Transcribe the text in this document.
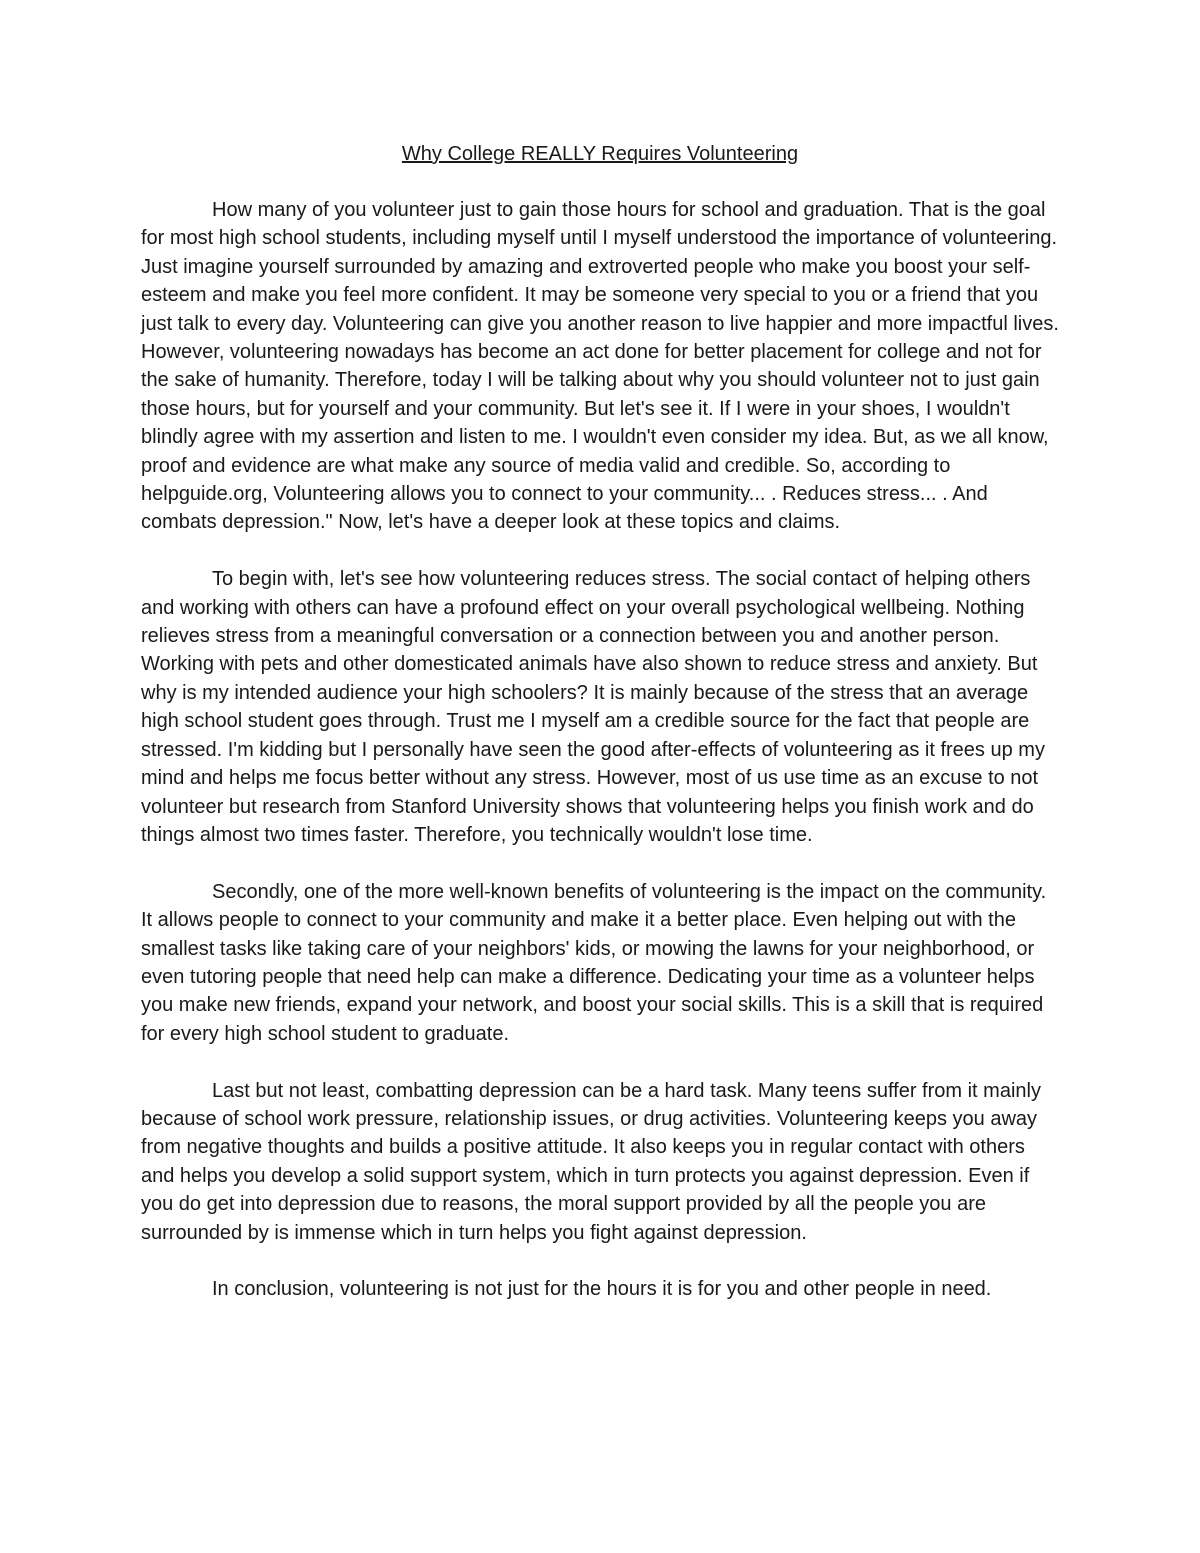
Why College REALLY Requires Volunteering

How many of you volunteer just to gain those hours for school and graduation. That is the goal for most high school students, including myself until I myself understood the importance of volunteering. Just imagine yourself surrounded by amazing and extroverted people who make you boost your self-esteem and make you feel more confident. It may be someone very special to you or a friend that you just talk to every day. Volunteering can give you another reason to live happier and more impactful lives. However, volunteering nowadays has become an act done for better placement for college and not for the sake of humanity. Therefore, today I will be talking about why you should volunteer not to just gain those hours, but for yourself and your community. But let's see it. If I were in your shoes, I wouldn't blindly agree with my assertion and listen to me. I wouldn't even consider my idea. But, as we all know, proof and evidence are what make any source of media valid and credible. So, according to helpguide.org, Volunteering allows you to connect to your community... . Reduces stress... . And combats depression." Now, let's have a deeper look at these topics and claims.

To begin with, let's see how volunteering reduces stress. The social contact of helping others and working with others can have a profound effect on your overall psychological wellbeing. Nothing relieves stress from a meaningful conversation or a connection between you and another person. Working with pets and other domesticated animals have also shown to reduce stress and anxiety. But why is my intended audience your high schoolers? It is mainly because of the stress that an average high school student goes through. Trust me I myself am a credible source for the fact that people are stressed. I'm kidding but I personally have seen the good after-effects of volunteering as it frees up my mind and helps me focus better without any stress. However, most of us use time as an excuse to not volunteer but research from Stanford University shows that volunteering helps you finish work and do things almost two times faster. Therefore, you technically wouldn't lose time.

Secondly, one of the more well-known benefits of volunteering is the impact on the community. It allows people to connect to your community and make it a better place. Even helping out with the smallest tasks like taking care of your neighbors' kids, or mowing the lawns for your neighborhood, or even tutoring people that need help can make a difference. Dedicating your time as a volunteer helps you make new friends, expand your network, and boost your social skills. This is a skill that is required for every high school student to graduate.

Last but not least, combatting depression can be a hard task. Many teens suffer from it mainly because of school work pressure, relationship issues, or drug activities. Volunteering keeps you away from negative thoughts and builds a positive attitude. It also keeps you in regular contact with others and helps you develop a solid support system, which in turn protects you against depression. Even if you do get into depression due to reasons, the moral support provided by all the people you are surrounded by is immense which in turn helps you fight against depression.

In conclusion, volunteering is not just for the hours it is for you and other people in need.
